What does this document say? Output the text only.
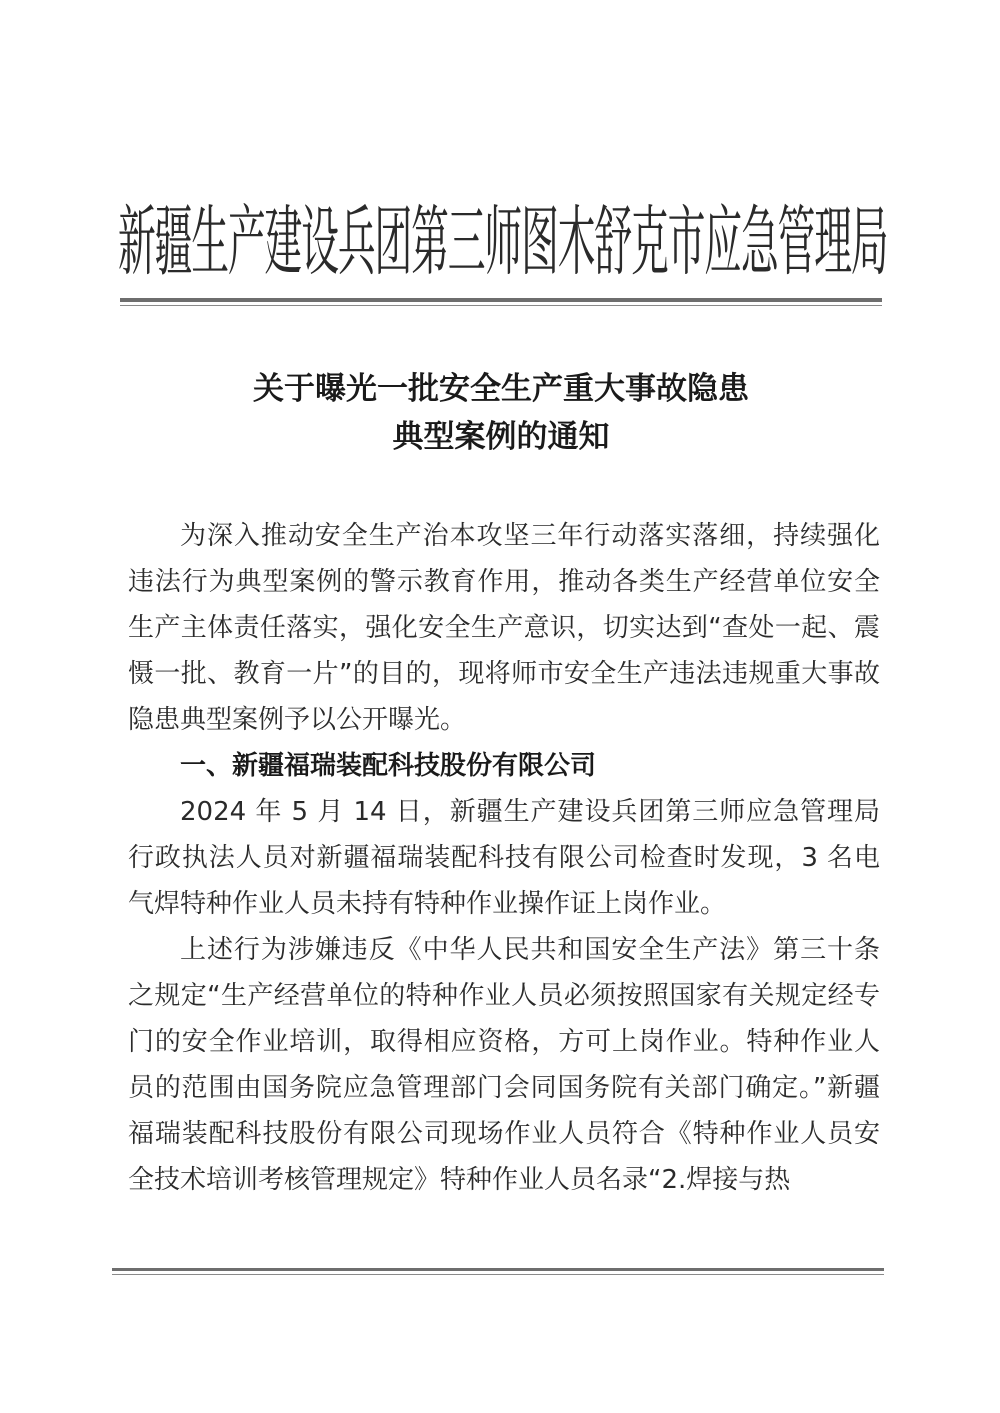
新疆生产建设兵团第三师图木舒克市应急管理局
关于曝光一批安全生产重大事故隐患
典型案例的通知

为深入推动安全生产治本攻坚三年行动落实落细，持续强化违法行为典型案例的警示教育作用，推动各类生产经营单位安全生产主体责任落实，强化安全生产意识，切实达到“查处一起、震慑一批、教育一片”的目的，现将师市安全生产违法违规重大事故隐患典型案例予以公开曝光。

一、新疆福瑞装配科技股份有限公司

2024 年 5 月 14 日，新疆生产建设兵团第三师应急管理局行政执法人员对新疆福瑞装配科技有限公司检查时发现，3 名电气焊特种作业人员未持有特种作业操作证上岗作业。

上述行为涉嫌违反《中华人民共和国安全生产法》第三十条之规定“生产经营单位的特种作业人员必须按照国家有关规定经专门的安全作业培训，取得相应资格，方可上岗作业。特种作业人员的范围由国务院应急管理部门会同国务院有关部门确定。”新疆福瑞装配科技股份有限公司现场作业人员符合《特种作业人员安全技术培训考核管理规定》特种作业人员名录“2.焊接与热
